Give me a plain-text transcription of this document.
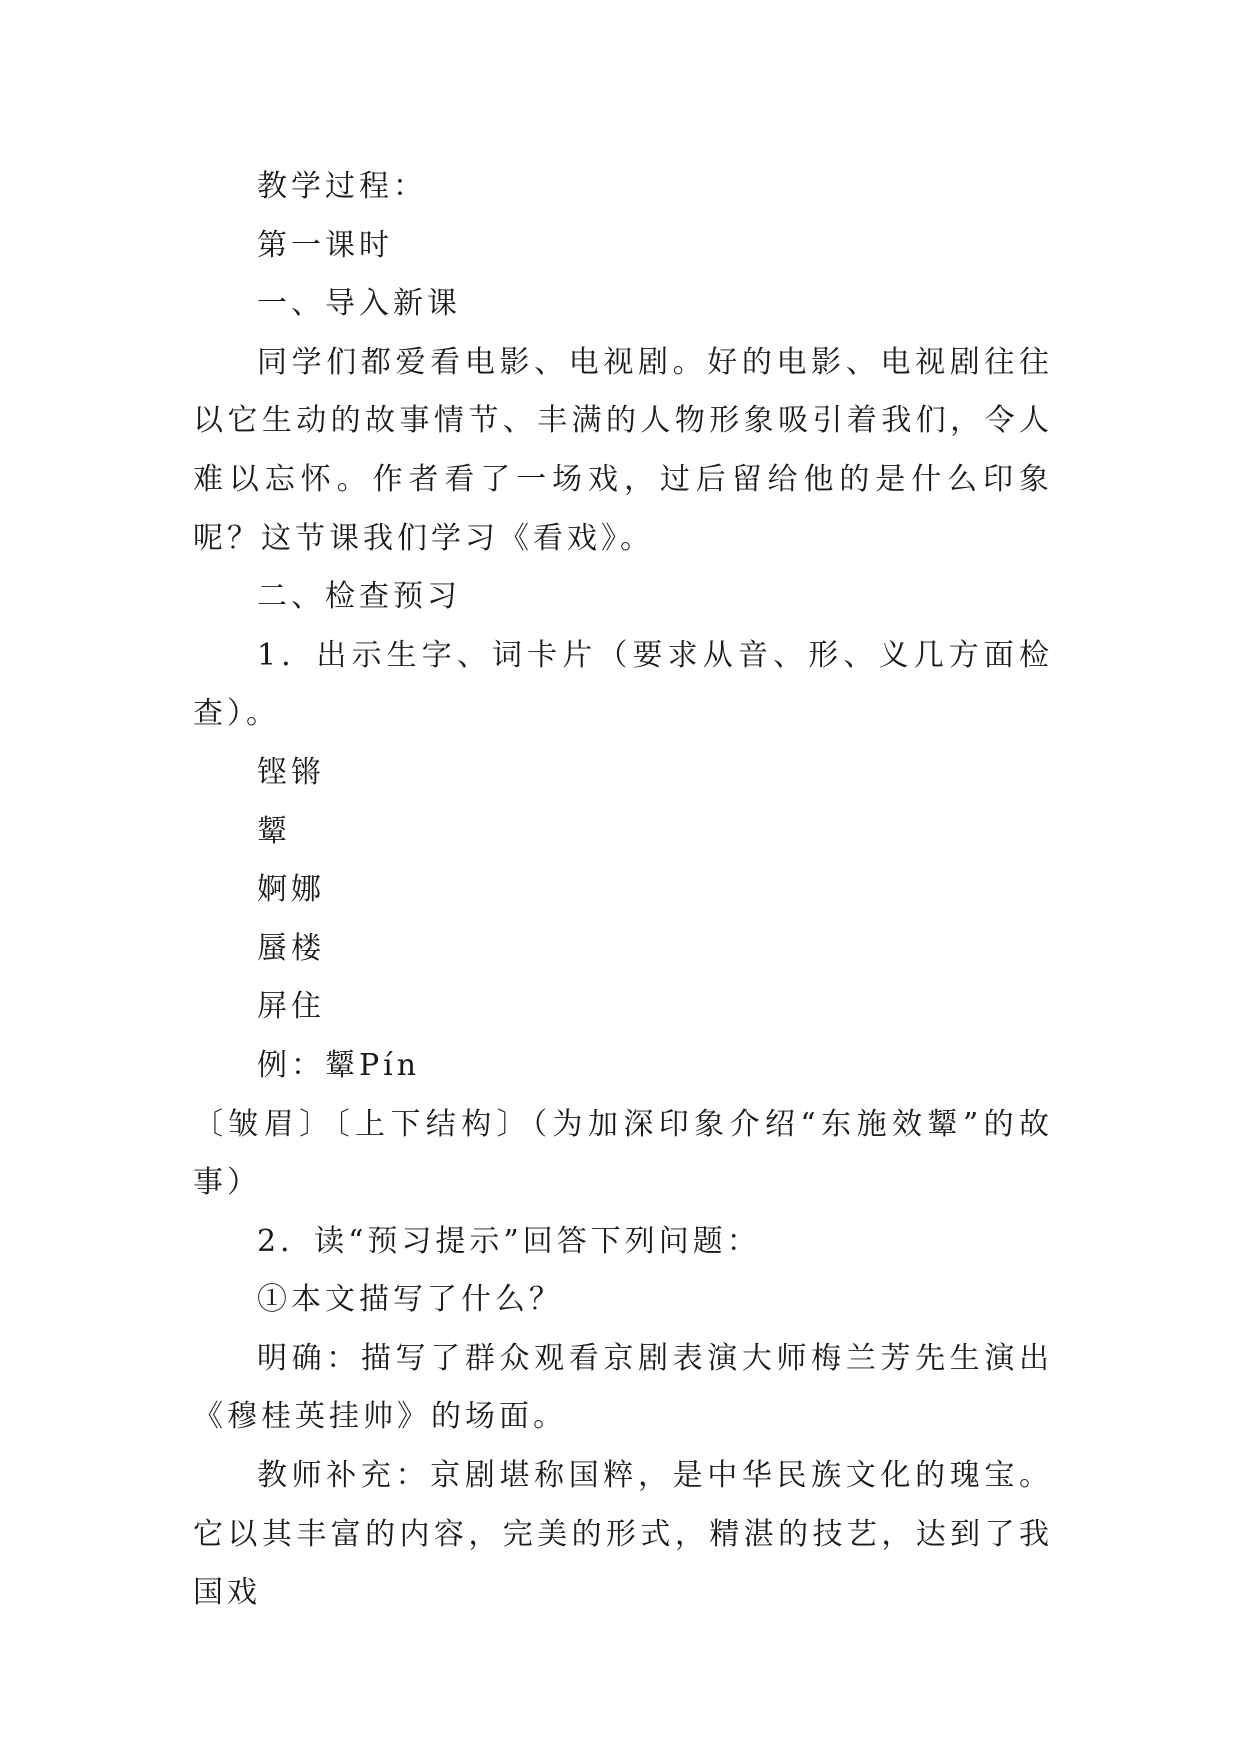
教学过程：

第一课时

一、导入新课

同学们都爱看电影、电视剧。好的电影、电视剧往往以它生动的故事情节、丰满的人物形象吸引着我们，令人难以忘怀。作者看了一场戏，过后留给他的是什么印象呢？这节课我们学习《看戏》。

二、检查预习

1．出示生字、词卡片（要求从音、形、义几方面检查）。

铿锵

颦

婀娜

蜃楼

屏住

例：颦Pín

〔皱眉〕〔上下结构〕（为加深印象介绍“东施效颦”的故事）

2．读“预习提示”回答下列问题：

①本文描写了什么？

明确：描写了群众观看京剧表演大师梅兰芳先生演出《穆桂英挂帅》的场面。

教师补充：京剧堪称国粹，是中华民族文化的瑰宝。它以其丰富的内容，完美的形式，精湛的技艺，达到了我国戏
